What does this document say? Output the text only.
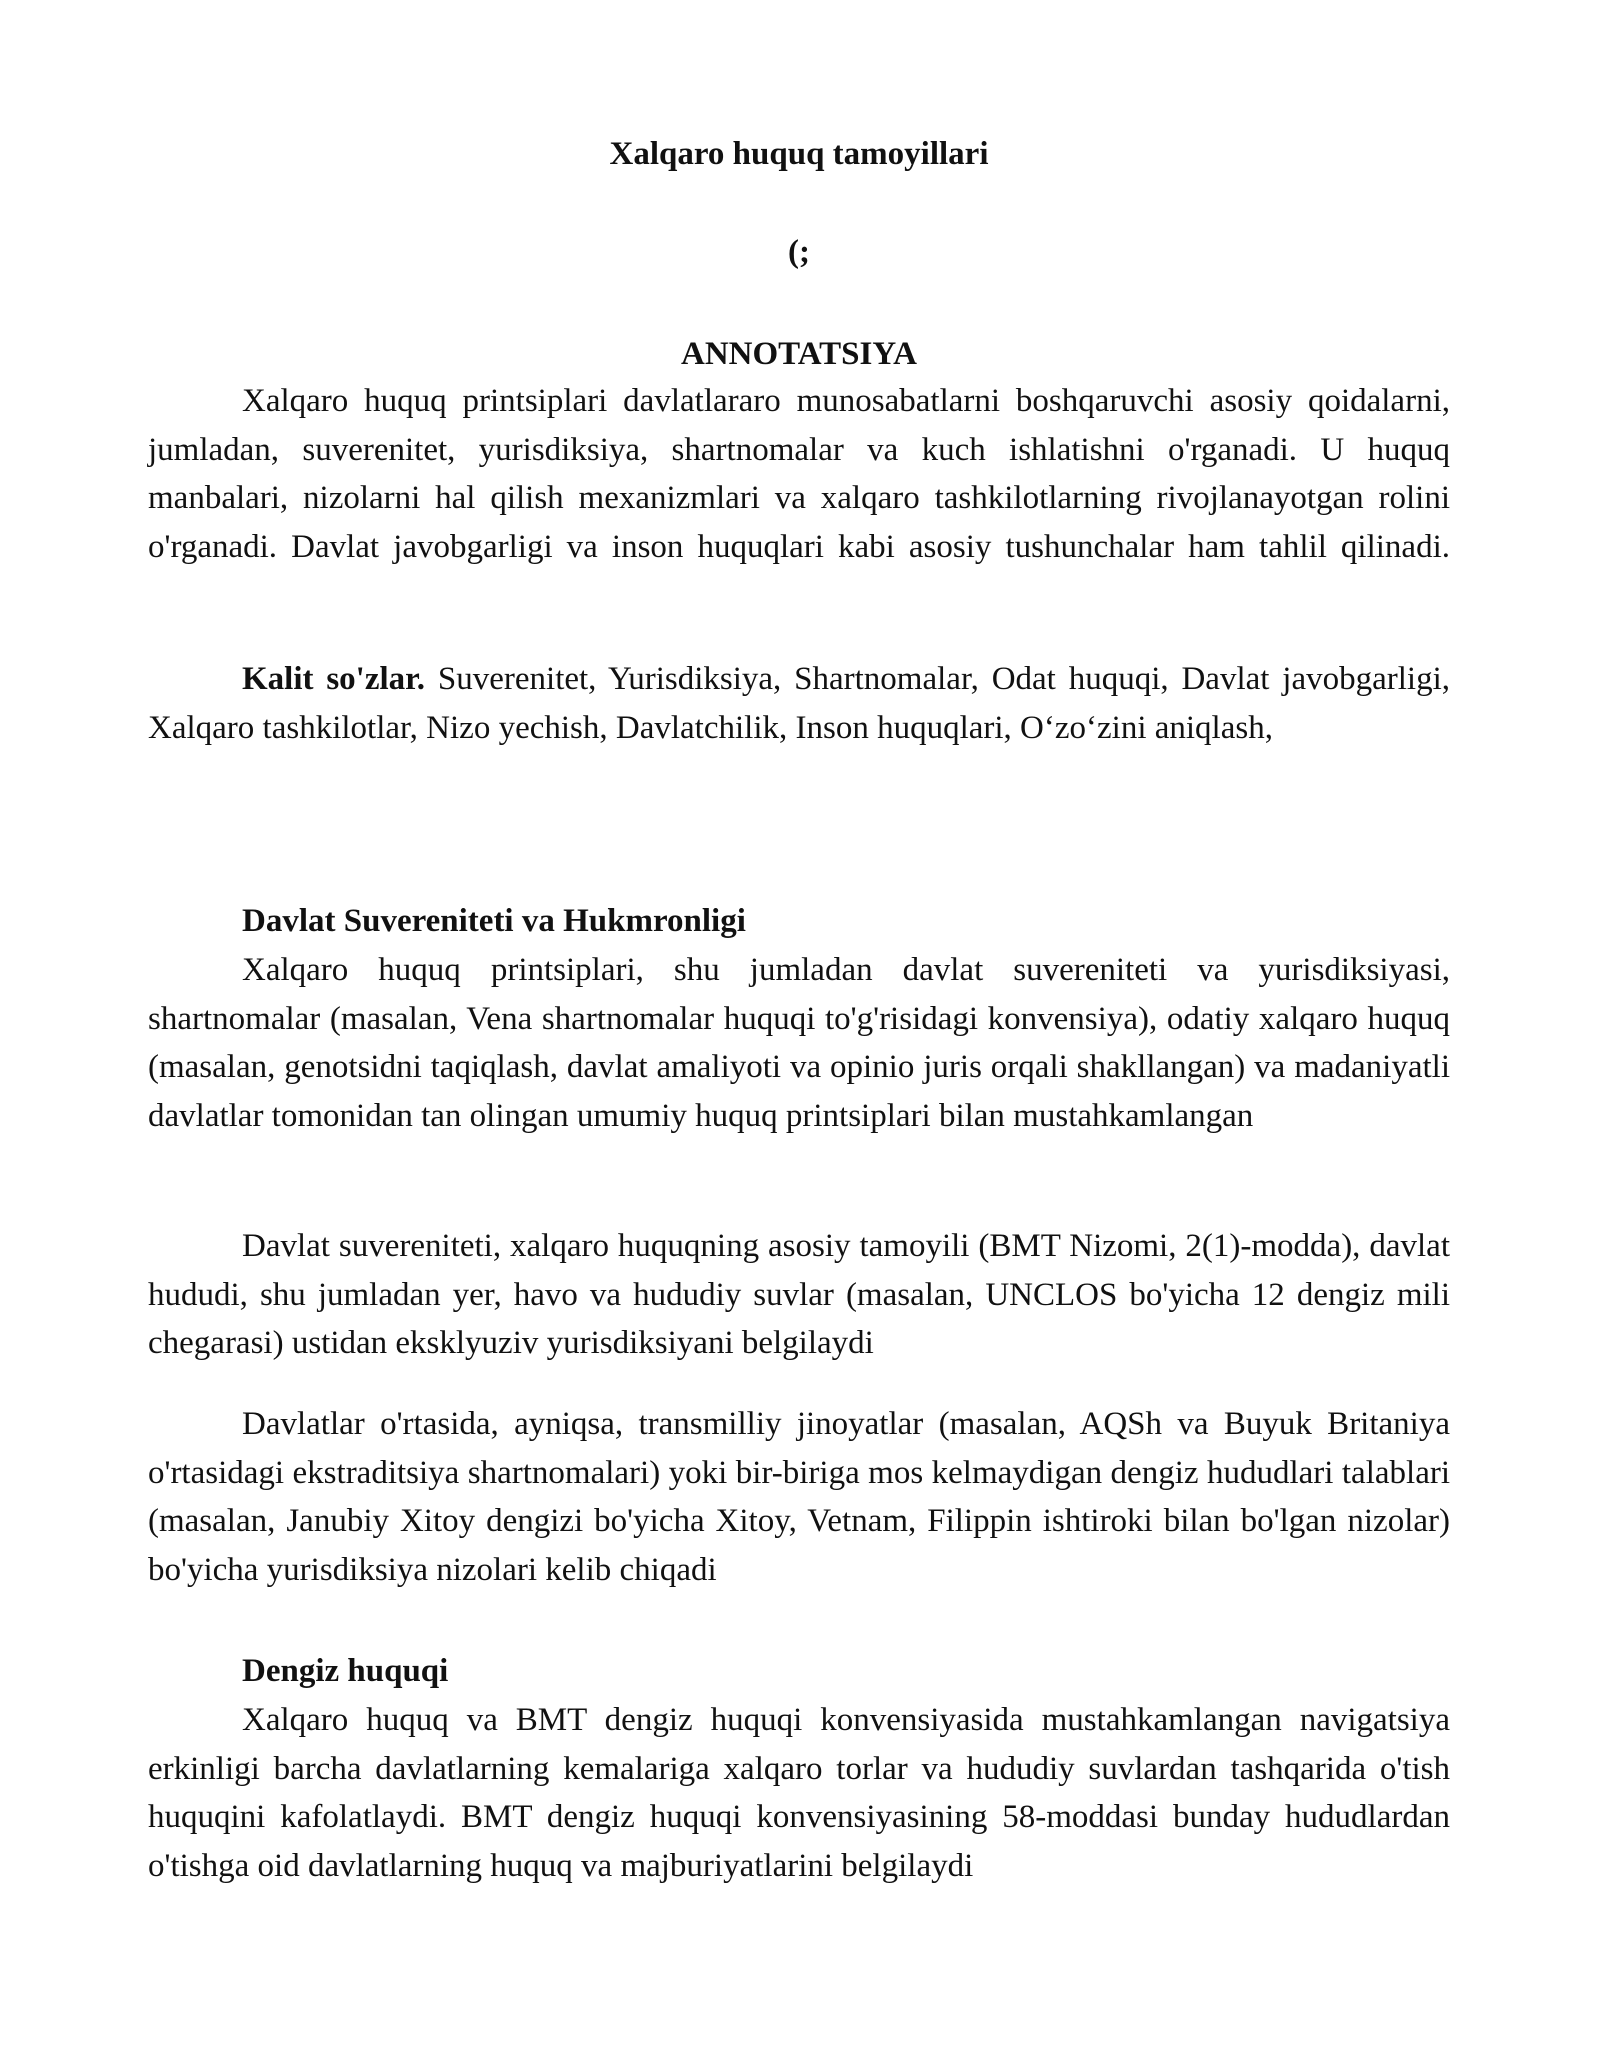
Xalqaro huquq tamoyillari
(;
ANNOTATSIYA

Xalqaro huquq printsiplari davlatlararo munosabatlarni boshqaruvchi asosiy qoidalarni, jumladan, suverenitet, yurisdiksiya, shartnomalar va kuch ishlatishni o'rganadi. U huquq manbalari, nizolarni hal qilish mexanizmlari va xalqaro tashkilotlarning rivojlanayotgan rolini o'rganadi. Davlat javobgarligi va inson huquqlari kabi asosiy tushunchalar ham tahlil qilinadi.

Kalit so'zlar. Suverenitet, Yurisdiksiya, Shartnomalar, Odat huquqi, Davlat javobgarligi, Xalqaro tashkilotlar, Nizo yechish, Davlatchilik, Inson huquqlari, O‘zo‘zini aniqlash,

Davlat Suvereniteti va Hukmronligi

Xalqaro huquq printsiplari, shu jumladan davlat suvereniteti va yurisdiksiyasi, shartnomalar (masalan, Vena shartnomalar huquqi to'g'risidagi konvensiya), odatiy xalqaro huquq (masalan, genotsidni taqiqlash, davlat amaliyoti va opinio juris orqali shakllangan) va madaniyatli davlatlar tomonidan tan olingan umumiy huquq printsiplari bilan mustahkamlangan

Davlat suvereniteti, xalqaro huquqning asosiy tamoyili (BMT Nizomi, 2(1)-modda), davlat hududi, shu jumladan yer, havo va hududiy suvlar (masalan, UNCLOS bo'yicha 12 dengiz mili chegarasi) ustidan eksklyuziv yurisdiksiyani belgilaydi

Davlatlar o'rtasida, ayniqsa, transmilliy jinoyatlar (masalan, AQSh va Buyuk Britaniya o'rtasidagi ekstraditsiya shartnomalari) yoki bir-biriga mos kelmaydigan dengiz hududlari talablari (masalan, Janubiy Xitoy dengizi bo'yicha Xitoy, Vetnam, Filippin ishtiroki bilan bo'lgan nizolar) bo'yicha yurisdiksiya nizolari kelib chiqadi

Dengiz huquqi

Xalqaro huquq va BMT dengiz huquqi konvensiyasida mustahkamlangan navigatsiya erkinligi barcha davlatlarning kemalariga xalqaro torlar va hududiy suvlardan tashqarida o'tish huquqini kafolatlaydi. BMT dengiz huquqi konvensiyasining 58-moddasi bunday hududlardan o'tishga oid davlatlarning huquq va majburiyatlarini belgilaydi
